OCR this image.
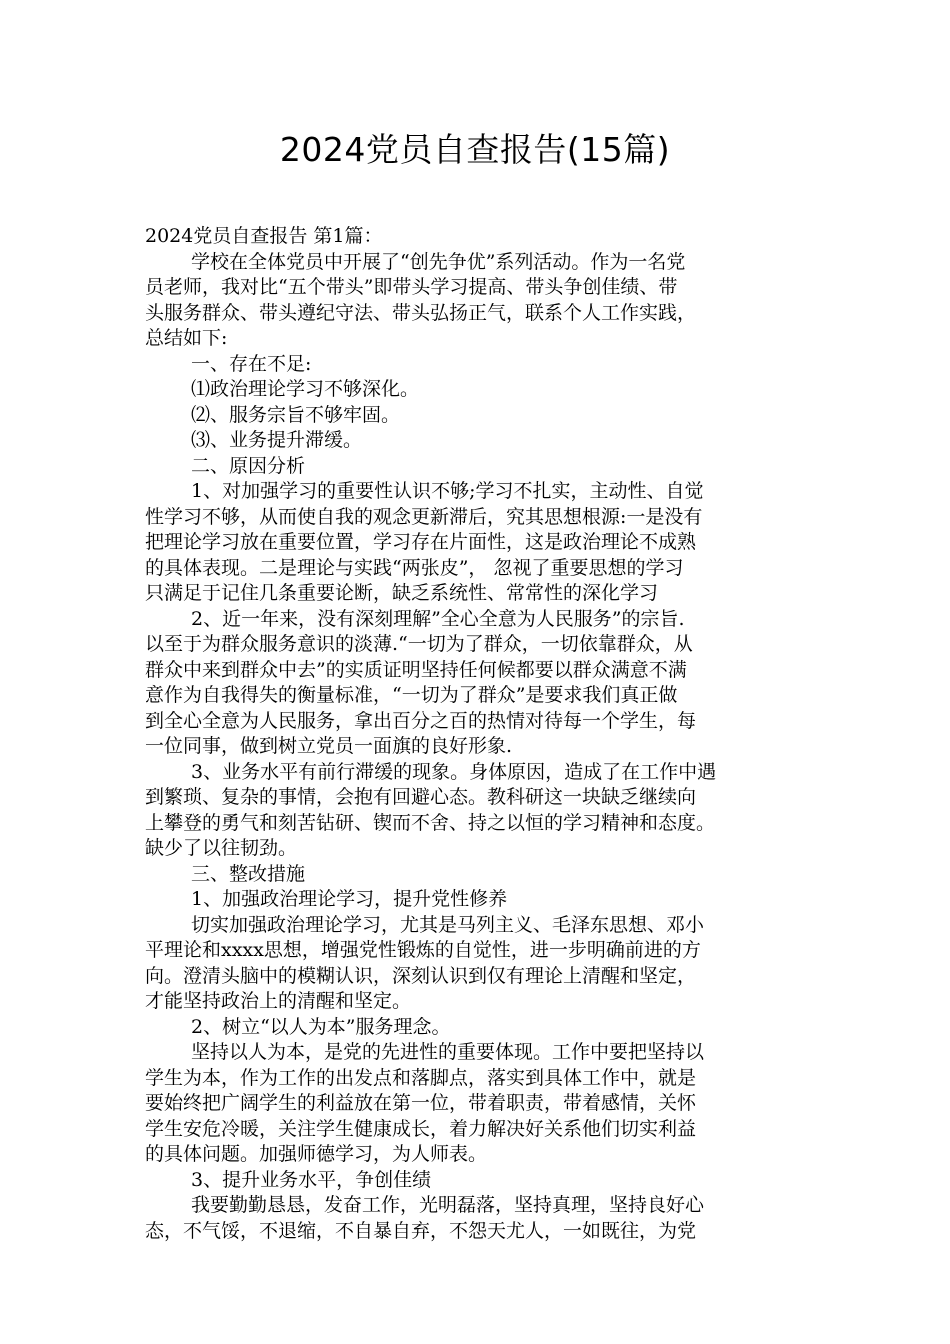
2024党员自查报告(15篇)
2024党员自查报告 第1篇：
学校在全体党员中开展了“创先争优”系列活动。作为一名党
员老师，我对比“五个带头”即带头学习提高、带头争创佳绩、带
头服务群众、带头遵纪守法、带头弘扬正气，联系个人工作实践，
总结如下:
一、存在不足:
⑴政治理论学习不够深化。
⑵、服务宗旨不够牢固。
⑶、业务提升滞缓。
二、原因分析
1、对加强学习的重要性认识不够;学习不扎实，主动性、自觉
性学习不够，从而使自我的观念更新滞后，究其思想根源:一是没有
把理论学习放在重要位置，学习存在片面性，这是政治理论不成熟
的具体表现。二是理论与实践“两张皮”， 忽视了重要思想的学习
只满足于记住几条重要论断，缺乏系统性、常常性的深化学习
2、近一年来，没有深刻理解”全心全意为人民服务”的宗旨.
以至于为群众服务意识的淡薄.“一切为了群众，一切依靠群众，从
群众中来到群众中去”的实质证明坚持任何候都要以群众满意不满
意作为自我得失的衡量标准，“一切为了群众”是要求我们真正做
到全心全意为人民服务，拿出百分之百的热情对待每一个学生，每
一位同事，做到树立党员一面旗的良好形象.
3、业务水平有前行滞缓的现象。身体原因，造成了在工作中遇
到繁琐、复杂的事情，会抱有回避心态。教科研这一块缺乏继续向
上攀登的勇气和刻苦钻研、锲而不舍、持之以恒的学习精神和态度。
缺少了以往韧劲。
三、整改措施
1、加强政治理论学习，提升党性修养
切实加强政治理论学习，尤其是马列主义、毛泽东思想、邓小
平理论和xxxx思想，增强党性锻炼的自觉性，进一步明确前进的方
向。澄清头脑中的模糊认识，深刻认识到仅有理论上清醒和坚定，
才能坚持政治上的清醒和坚定。
2、树立“以人为本”服务理念。
坚持以人为本，是党的先进性的重要体现。工作中要把坚持以
学生为本，作为工作的出发点和落脚点，落实到具体工作中，就是
要始终把广阔学生的利益放在第一位，带着职责，带着感情，关怀
学生安危冷暖，关注学生健康成长，着力解决好关系他们切实利益
的具体问题。加强师德学习，为人师表。
3、提升业务水平，争创佳绩
我要勤勤恳恳，发奋工作，光明磊落，坚持真理，坚持良好心
态，不气馁，不退缩，不自暴自弃，不怨天尤人，一如既往，为党
